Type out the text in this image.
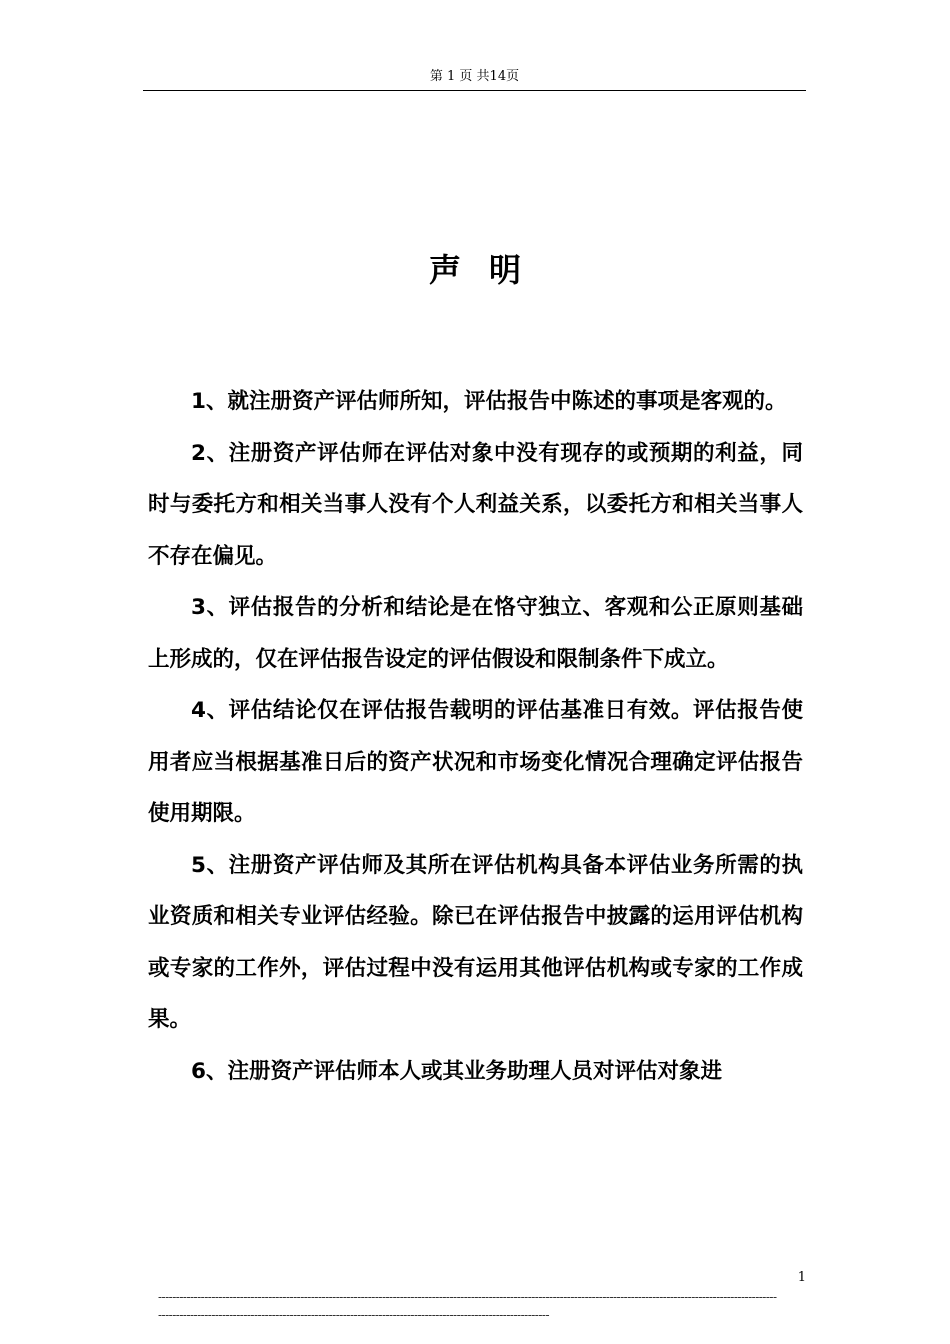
第 1 页 共14页
声明

1、就注册资产评估师所知，评估报告中陈述的事项是客观的。

2、注册资产评估师在评估对象中没有现存的或预期的利益，同时与委托方和相关当事人没有个人利益关系，以委托方和相关当事人不存在偏见。

3、评估报告的分析和结论是在恪守独立、客观和公正原则基础上形成的，仅在评估报告设定的评估假设和限制条件下成立。

4、评估结论仅在评估报告载明的评估基准日有效。评估报告使用者应当根据基准日后的资产状况和市场变化情况合理确定评估报告使用期限。

5、注册资产评估师及其所在评估机构具备本评估业务所需的执业资质和相关专业评估经验。除已在评估报告中披露的运用评估机构或专家的工作外，评估过程中没有运用其他评估机构或专家的工作成果。

6、注册资产评估师本人或其业务助理人员对评估对象进

1
--------------------------------------------------------------------------------------------------------------------------------------------------------------------------------------------------------------------------------------------------------------------------------------------
